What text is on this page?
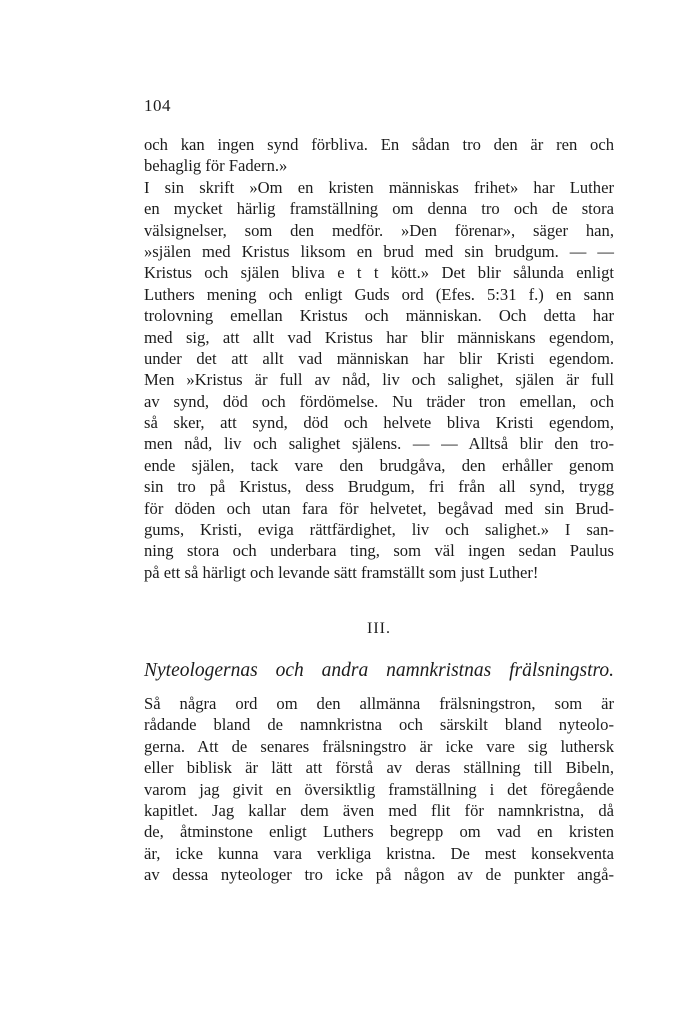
104
och kan ingen synd förbliva. En sådan tro den är ren och
behaglig för Fadern.»
I sin skrift »Om en kristen människas frihet» har Luther
en mycket härlig framställning om denna tro och de stora
välsignelser, som den medför. »Den förenar», säger han,
»själen med Kristus liksom en brud med sin brudgum. — —
Kristus och själen bliva e t t kött.» Det blir sålunda enligt
Luthers mening och enligt Guds ord (Efes. 5:31 f.) en sann
trolovning emellan Kristus och människan. Och detta har
med sig, att allt vad Kristus har blir människans egendom,
under det att allt vad människan har blir Kristi egendom.
Men »Kristus är full av nåd, liv och salighet, själen är full
av synd, död och fördömelse. Nu träder tron emellan, och
så sker, att synd, död och helvete bliva Kristi egendom,
men nåd, liv och salighet själens. — — Alltså blir den tro-
ende själen, tack vare den brudgåva, den erhåller genom
sin tro på Kristus, dess Brudgum, fri från all synd, trygg
för döden och utan fara för helvetet, begåvad med sin Brud-
gums, Kristi, eviga rättfärdighet, liv och salighet.» I san-
ning stora och underbara ting, som väl ingen sedan Paulus
på ett så härligt och levande sätt framställt som just Luther!
III.
Nyteologernas och andra namnkristnas frälsningstro.
Så några ord om den allmänna frälsningstron, som är
rådande bland de namnkristna och särskilt bland nyteolo-
gerna. Att de senares frälsningstro är icke vare sig luthersk
eller biblisk är lätt att förstå av deras ställning till Bibeln,
varom jag givit en översiktlig framställning i det föregående
kapitlet. Jag kallar dem även med flit för namnkristna, då
de, åtminstone enligt Luthers begrepp om vad en kristen
är, icke kunna vara verkliga kristna. De mest konsekventa
av dessa nyteologer tro icke på någon av de punkter angå-
